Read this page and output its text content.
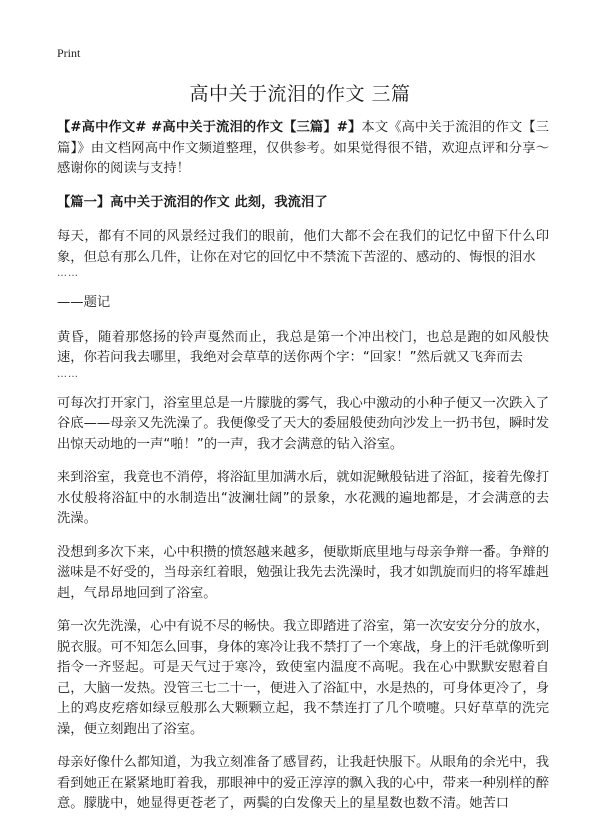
Print
高中关于流泪的作文 三篇

【#高中作文# #高中关于流泪的作文【三篇】#】本文《高中关于流泪的作文【三篇】》由文档网高中作文频道整理，仅供参考。如果觉得很不错，欢迎点评和分享～感谢你的阅读与支持！

【篇一】高中关于流泪的作文 此刻，我流泪了

每天，都有不同的风景经过我们的眼前，他们大都不会在我们的记忆中留下什么印象，但总有那么几件，让你在对它的回忆中不禁流下苦涩的、感动的、悔恨的泪水

……

——题记

黄昏，随着那悠扬的铃声戛然而止，我总是第一个冲出校门，也总是跑的如风般快速，你若问我去哪里，我绝对会草草的送你两个字：“回家！”然后就又飞奔而去

……

可每次打开家门，浴室里总是一片朦胧的雾气，我心中激动的小种子便又一次跌入了谷底——母亲又先洗澡了。我便像受了天大的委屈般使劲向沙发上一扔书包，瞬时发出惊天动地的一声“啪！”的一声，我才会满意的钻入浴室。

来到浴室，我竟也不消停，将浴缸里加满水后，就如泥鳅般钻进了浴缸，接着先像打水仗般将浴缸中的水制造出“波澜壮阔”的景象，水花溅的遍地都是，才会满意的去洗澡。

没想到多次下来，心中积攒的愤怒越来越多，便歇斯底里地与母亲争辩一番。争辩的滋味是不好受的，当母亲红着眼，勉强让我先去洗澡时，我才如凯旋而归的将军雄赳赳，气昂昂地回到了浴室。

第一次先洗澡，心中有说不尽的畅快。我立即踏进了浴室，第一次安安分分的放水，脱衣服。可不知怎么回事，身体的寒冷让我不禁打了一个寒战，身上的汗毛就像听到指令一齐竖起。可是天气过于寒冷，致使室内温度不高呢。我在心中默默安慰着自己，大脑一发热。没管三七二十一，便进入了浴缸中，水是热的，可身体更冷了，身上的鸡皮疙瘩如绿豆般那么大颗颗立起，我不禁连打了几个喷嚏。只好草草的洗完澡，便立刻跑出了浴室。

母亲好像什么都知道，为我立刻准备了感冒药，让我赶快服下。从眼角的余光中，我看到她正在紧紧地盯着我，那眼神中的爱正淳淳的飘入我的心中，带来一种别样的醉意。朦胧中，她显得更苍老了，两鬓的白发像天上的星星数也数不清。她苦口
